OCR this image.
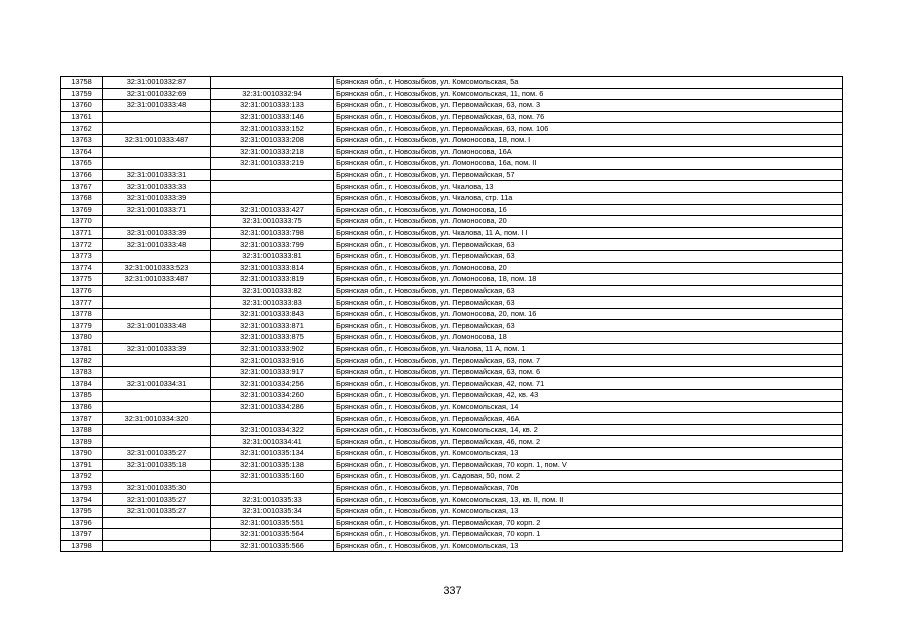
13758	32:31:0010332:87		Брянская обл., г. Новозыбков, ул. Комсомольская, 5а
13759	32:31:0010332:69	32:31:0010332:94	Брянская обл., г. Новозыбков, ул. Комсомольская, 11, пом. 6
13760	32:31:0010333:48	32:31:0010333:133	Брянская обл., г. Новозыбков, ул. Первомайская, 63, пом. 3
13761		32:31:0010333:146	Брянская обл., г. Новозыбков, ул. Первомайская, 63, пом. 76
13762		32:31:0010333:152	Брянская обл., г. Новозыбков, ул. Первомайская, 63, пом. 106
13763	32:31:0010333:487	32:31:0010333:208	Брянская обл., г. Новозыбков, ул. Ломоносова, 18, пом. I
13764		32:31:0010333:218	Брянская обл., г. Новозыбков, ул. Ломоносова, 16А
13765		32:31:0010333:219	Брянская обл., г. Новозыбков, ул. Ломоносова, 16а, пом. II
13766	32:31:0010333:31		Брянская обл., г. Новозыбков, ул. Первомайская, 57
13767	32:31:0010333:33		Брянская обл., г. Новозыбков, ул. Чкалова, 13
13768	32:31:0010333:39		Брянская обл., г. Новозыбков, ул. Чкалова, стр. 11а
13769	32:31:0010333:71	32:31:0010333:427	Брянская обл., г. Новозыбков, ул. Ломоносова, 16
13770		32:31:0010333:75	Брянская обл., г. Новозыбков, ул. Ломоносова, 20
13771	32:31:0010333:39	32:31:0010333:798	Брянская обл., г. Новозыбков, ул. Чкалова, 11 А, пом. I I
13772	32:31:0010333:48	32:31:0010333:799	Брянская обл., г. Новозыбков, ул. Первомайская, 63
13773		32:31:0010333:81	Брянская обл., г. Новозыбков, ул. Первомайская, 63
13774	32:31:0010333:523	32:31:0010333:814	Брянская обл., г. Новозыбков, ул. Ломоносова, 20
13775	32:31:0010333:487	32:31:0010333:819	Брянская обл., г. Новозыбков, ул. Ломоносова, 18, пом. 18
13776		32:31:0010333:82	Брянская обл., г. Новозыбков, ул. Первомайская, 63
13777		32:31:0010333:83	Брянская обл., г. Новозыбков, ул. Первомайская, 63
13778		32:31:0010333:843	Брянская обл., г. Новозыбков, ул. Ломоносова, 20, пом. 16
13779	32:31:0010333:48	32:31:0010333:871	Брянская обл., г. Новозыбков, ул. Первомайская, 63
13780		32:31:0010333:875	Брянская обл., г. Новозыбков, ул. Ломоносова, 18
13781	32:31:0010333:39	32:31:0010333:902	Брянская обл., г. Новозыбков, ул. Чкалова, 11 А, пом. 1
13782		32:31:0010333:916	Брянская обл., г. Новозыбков, ул. Первомайская, 63, пом. 7
13783		32:31:0010333:917	Брянская обл., г. Новозыбков, ул. Первомайская, 63, пом. 6
13784	32:31:0010334:31	32:31:0010334:256	Брянская обл., г. Новозыбков, ул. Первомайская, 42, пом. 71
13785		32:31:0010334:260	Брянская обл., г. Новозыбков, ул. Первомайская, 42, кв. 43
13786		32:31:0010334:286	Брянская обл., г. Новозыбков, ул. Комсомольская, 14
13787	32:31:0010334:320		Брянская обл., г. Новозыбков, ул. Первомайская, 46А
13788		32:31:0010334:322	Брянская обл., г. Новозыбков, ул. Комсомольская, 14, кв. 2
13789		32:31:0010334:41	Брянская обл., г. Новозыбков, ул. Первомайская, 46, пом. 2
13790	32:31:0010335:27	32:31:0010335:134	Брянская обл., г. Новозыбков, ул. Комсомольская, 13
13791	32:31:0010335:18	32:31:0010335:138	Брянская обл., г. Новозыбков, ул. Первомайская, 70 корп. 1, пом. V
13792		32:31:0010335:160	Брянская обл., г. Новозыбков, ул. Садовая, 50, пом. 2
13793	32:31:0010335:30		Брянская обл., г. Новозыбков, ул. Первомайская, 70в
13794	32:31:0010335:27	32:31:0010335:33	Брянская обл., г. Новозыбков, ул. Комсомольская, 13, кв. II, пом. II
13795	32:31:0010335:27	32:31:0010335:34	Брянская обл., г. Новозыбков, ул. Комсомольская, 13
13796		32:31:0010335:551	Брянская обл., г. Новозыбков, ул. Первомайская, 70 корп. 2
13797		32:31:0010335:564	Брянская обл., г. Новозыбков, ул. Первомайская, 70 корп. 1
13798		32:31:0010335:566	Брянская обл., г. Новозыбков, ул. Комсомольская, 13
337
